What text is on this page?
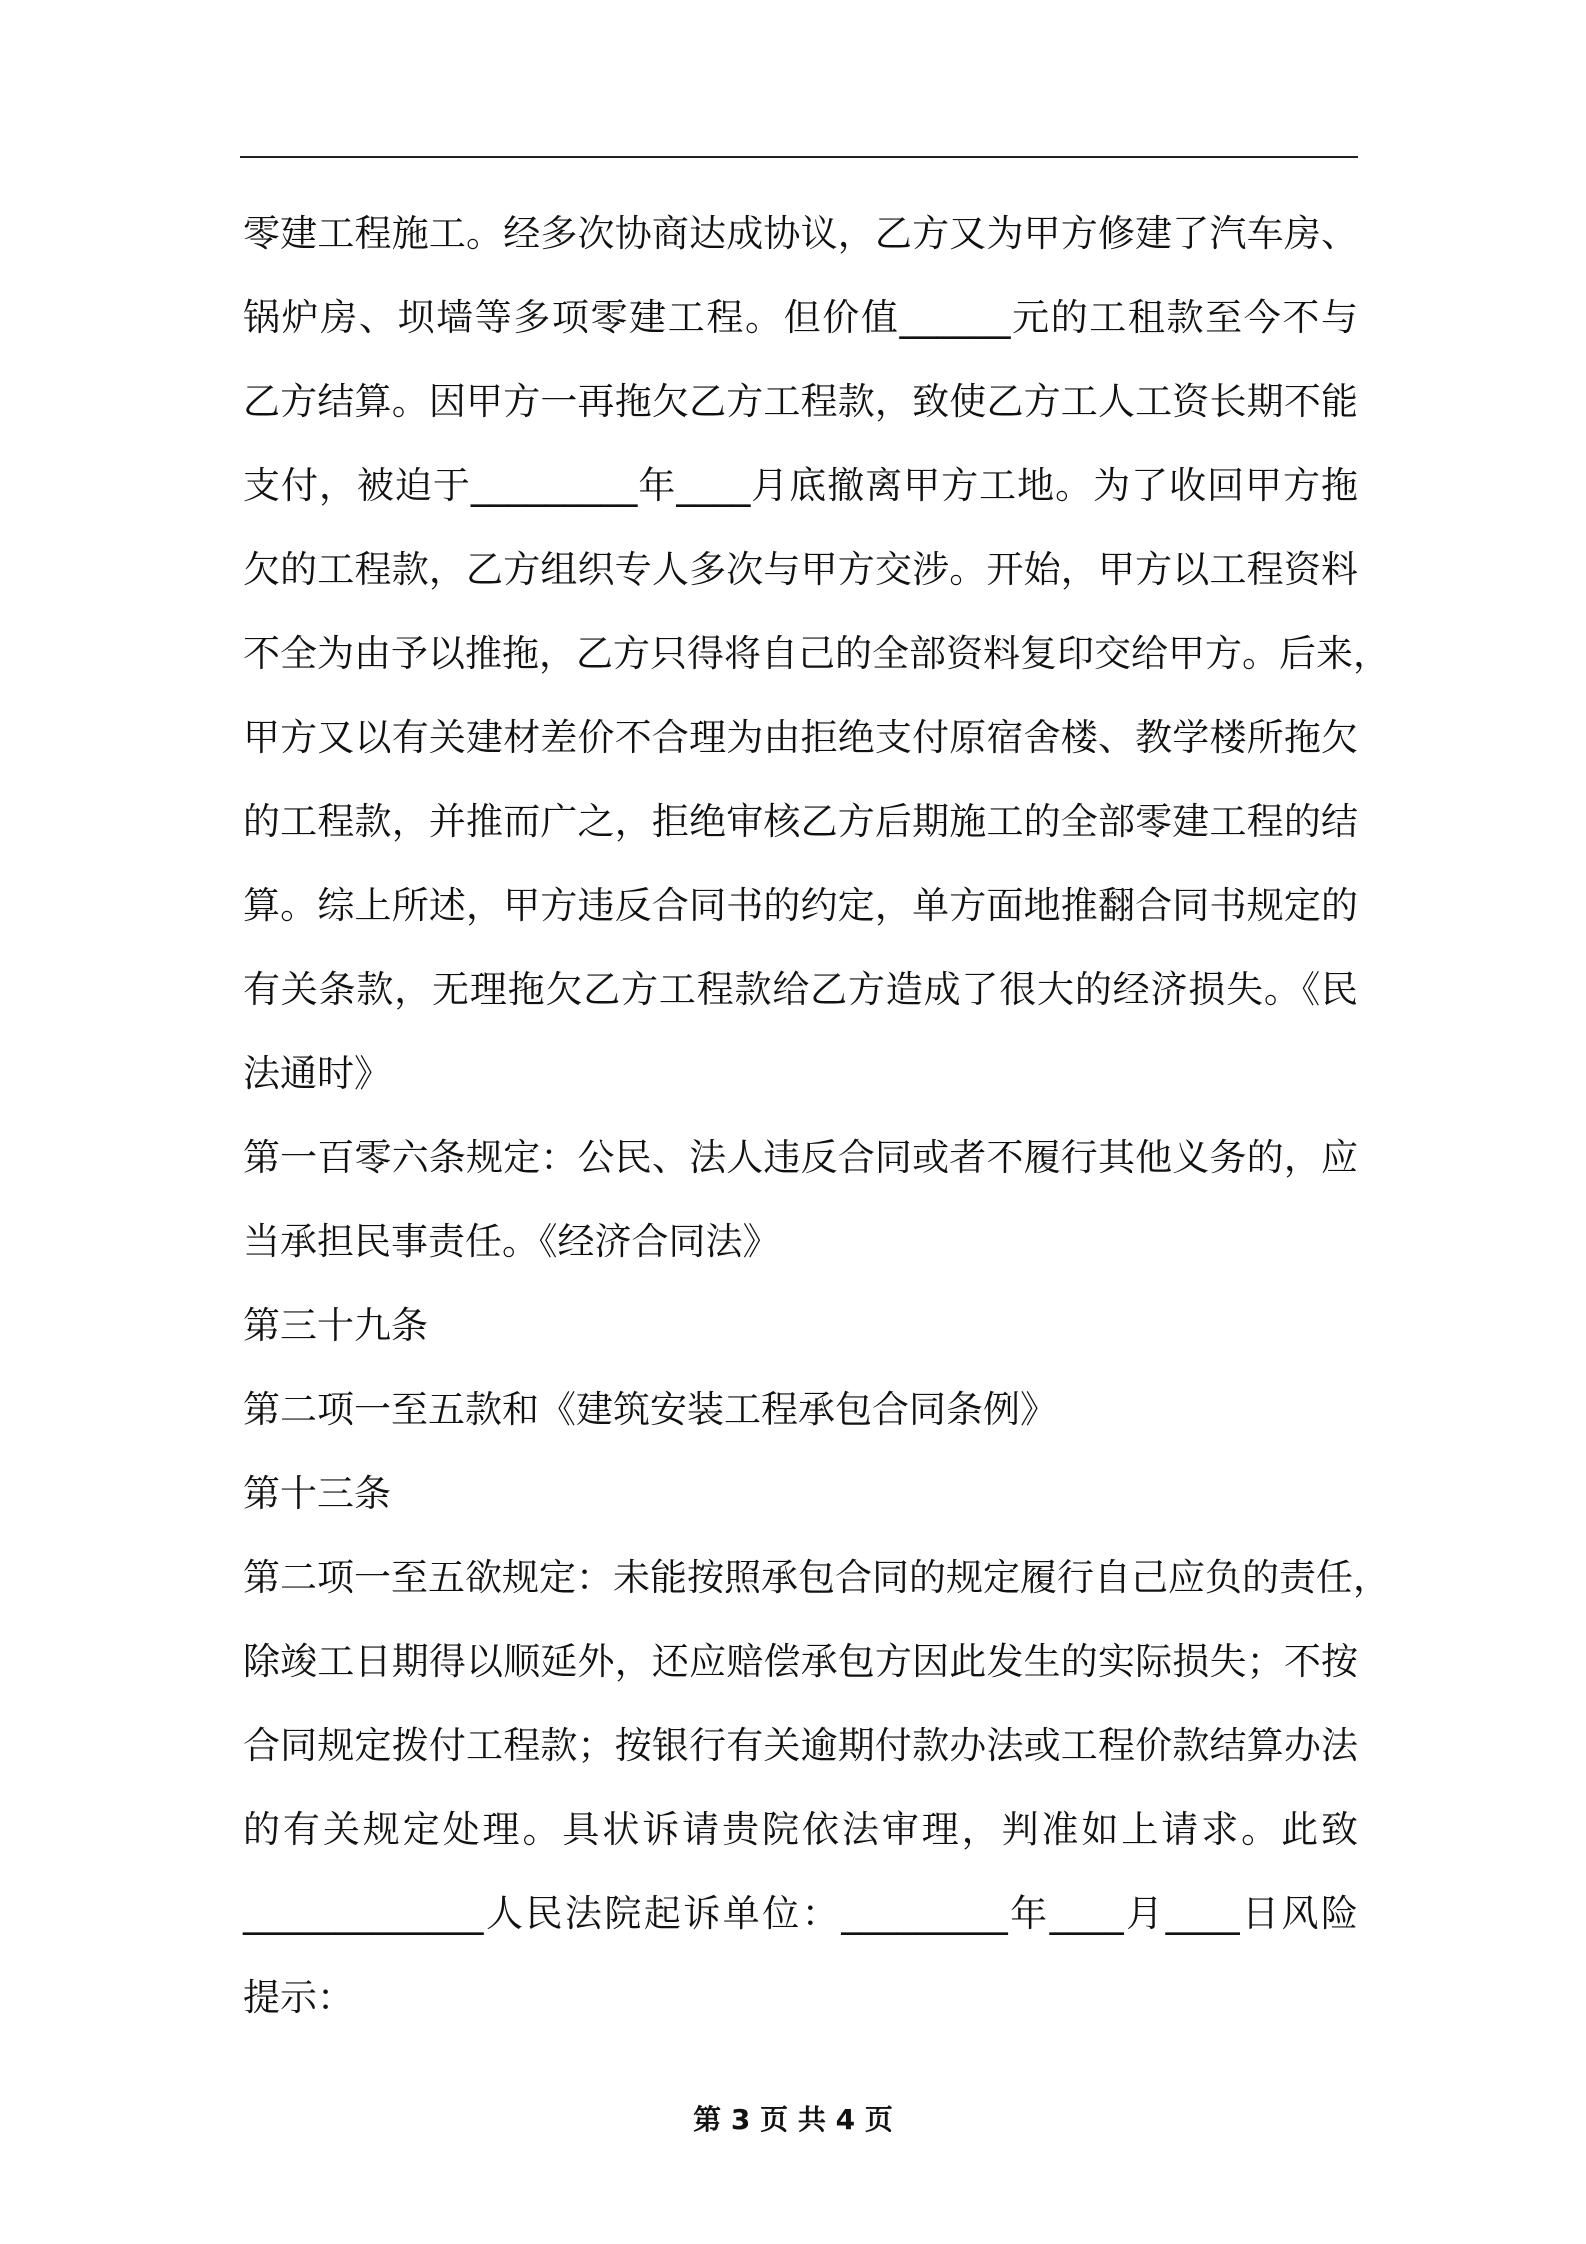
零建工程施工。经多次协商达成协议，乙方又为甲方修建了汽车房、
锅炉房、坝墙等多项零建工程。但价值______元的工租款至今不与
乙方结算。因甲方一再拖欠乙方工程款，致使乙方工人工资长期不能
支付，被迫于_________年____月底撤离甲方工地。为了收回甲方拖
欠的工程款，乙方组织专人多次与甲方交涉。开始，甲方以工程资料
不全为由予以推拖，乙方只得将自己的全部资料复印交给甲方。后来，
甲方又以有关建材差价不合理为由拒绝支付原宿舍楼、教学楼所拖欠
的工程款，并推而广之，拒绝审核乙方后期施工的全部零建工程的结
算。综上所述，甲方违反合同书的约定，单方面地推翻合同书规定的
有关条款，无理拖欠乙方工程款给乙方造成了很大的经济损失。《民
法通时》
第一百零六条规定：公民、法人违反合同或者不履行其他义务的，应
当承担民事责任。《经济合同法》
第三十九条
第二项一至五款和《建筑安装工程承包合同条例》
第十三条
第二项一至五欲规定：未能按照承包合同的规定履行自己应负的责任，
除竣工日期得以顺延外，还应赔偿承包方因此发生的实际损失；不按
合同规定拨付工程款；按银行有关逾期付款办法或工程价款结算办法
的有关规定处理。具状诉请贵院依法审理，判准如上请求。此致
_____________人民法院起诉单位：_________年____月____日风险
提示：
第 3 页 共 4 页
